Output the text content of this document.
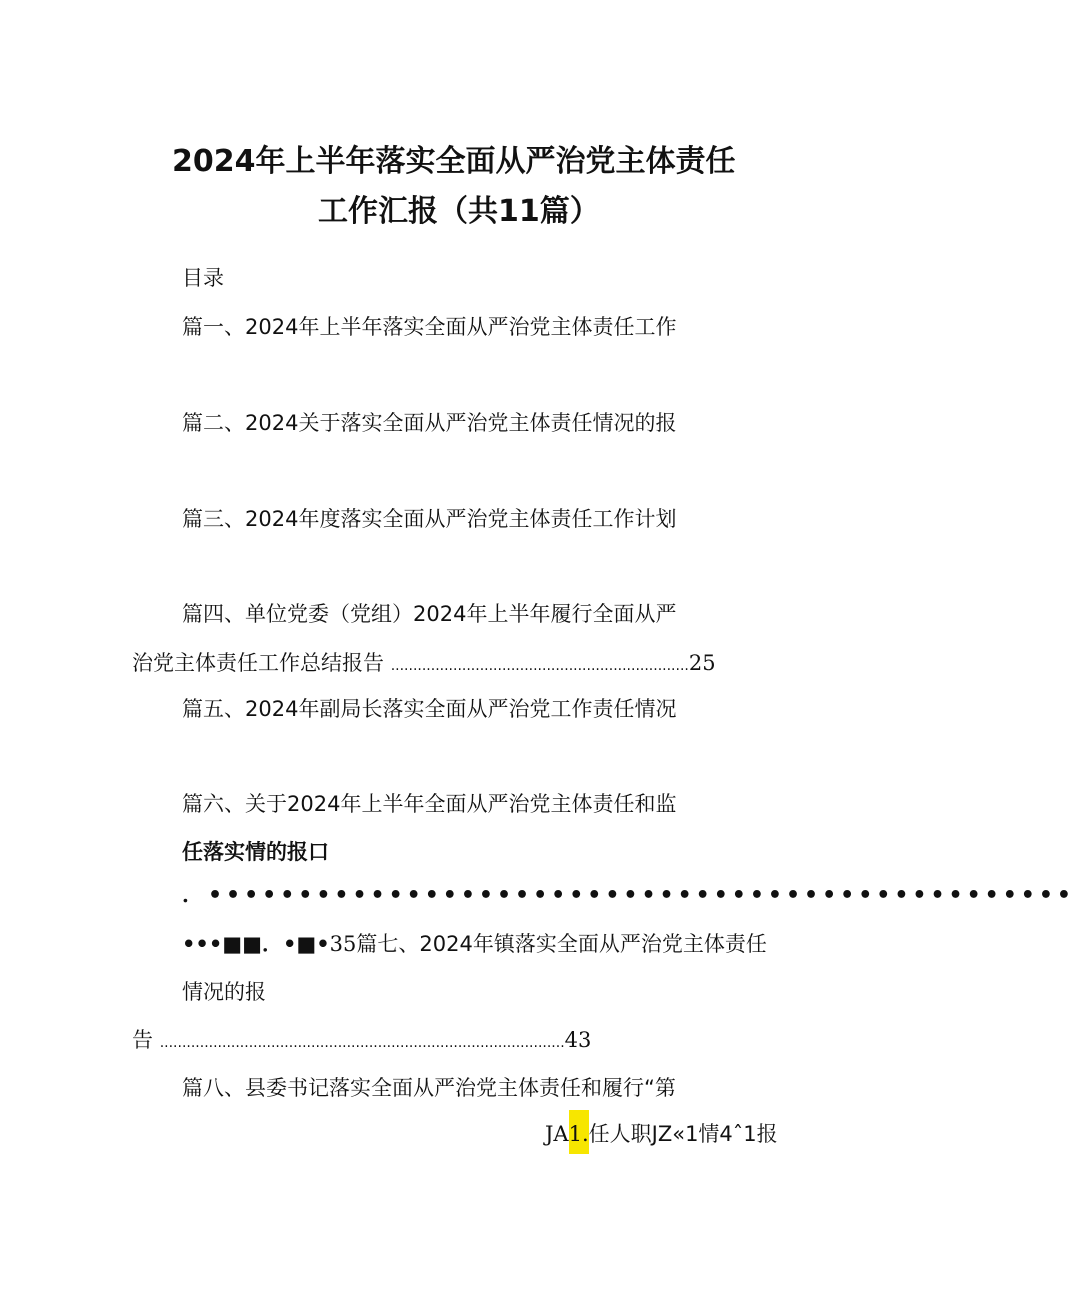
2024年上半年落实全面从严治党主体责任
工作汇报（共11篇）
目录
篇一、2024年上半年落实全面从严治党主体责任工作
篇二、2024关于落实全面从严治党主体责任情况的报
篇三、2024年度落实全面从严治党主体责任工作计划
篇四、单位党委（党组）2024年上半年履行全面从严
治党主体责任工作总结报告 ...................................................................25
篇五、2024年副局长落实全面从严治党工作责任情况
篇六、关于2024年上半年全面从严治党主体责任和监
任落实情的报口
．••••••••••••••••••••••••••••••••••••••••••••••••
•••■■．•■•35篇七、2024年镇落实全面从严治党主体责任
情况的报
告 ...........................................................................................43
篇八、县委书记落实全面从严治党主体责任和履行“第
JA1.任人职JZ«1情4ˆ1报
